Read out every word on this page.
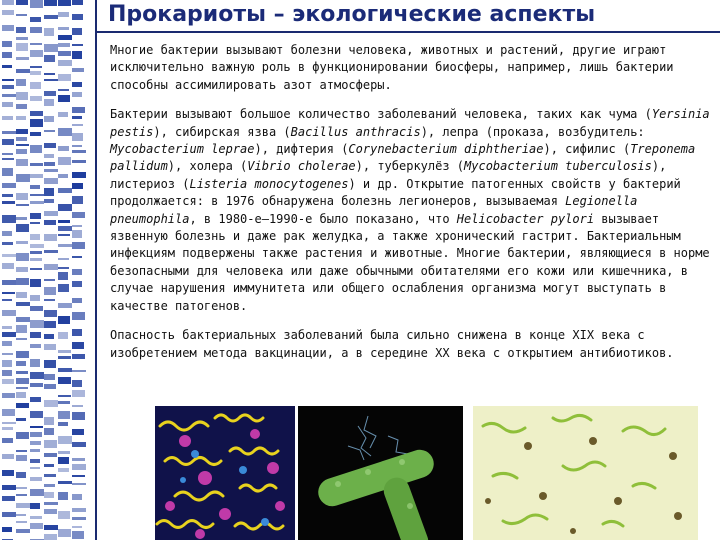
Прокариоты – экологические аспекты

Многие бактерии вызывают болезни человека, животных и растений, другие играют исключительно важную роль в функционировании биосферы, например, лишь бактерии способны ассимилировать азот атмосферы.

Бактерии вызывают большое количество заболеваний человека, таких как чума (Yersinia pestis), сибирская язва (Bacillus anthracis), лепра (проказа, возбудитель: Mycobacterium leprae), дифтерия (Corynebacterium diphtheriae), сифилис (Treponema pallidum), холера (Vibrio cholerae), туберкулёз (Mycobacterium tuberculosis), листериоз (Listeria monocytogenes) и др. Открытие патогенных свойств у бактерий продолжается: в 1976 обнаружена болезнь легионеров, вызываемая Legionella pneumophila, в 1980-е—1990-е было показано, что Helicobacter pylori вызывает язвенную болезнь и даже рак желудка, а также хронический гастрит. Бактериальным инфекциям подвержены также растения и животные. Многие бактерии, являющиеся в норме безопасными для человека или даже обычными обитателями его кожи или кишечника, в случае нарушения иммунитета или общего ослабления организма могут выступать в качестве патогенов.

Опасность бактериальных заболеваний была сильно снижена в конце XIX века с изобретением метода вакцинации, а в середине XX века с открытием антибиотиков.
